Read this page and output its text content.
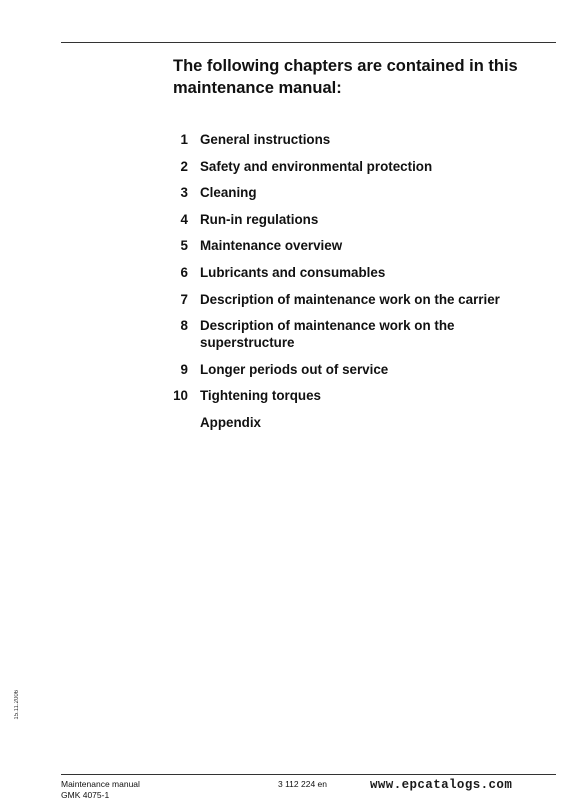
The following chapters are contained in this maintenance manual:
1 General instructions
2 Safety and environmental protection
3 Cleaning
4 Run-in regulations
5 Maintenance overview
6 Lubricants and consumables
7 Description of maintenance work on the carrier
8 Description of maintenance work on the superstructure
9 Longer periods out of service
10 Tightening torques
Appendix
15.11.2006
Maintenance manual
GMK 4075-1
3 112 224 en	www.epcatalogs.com
